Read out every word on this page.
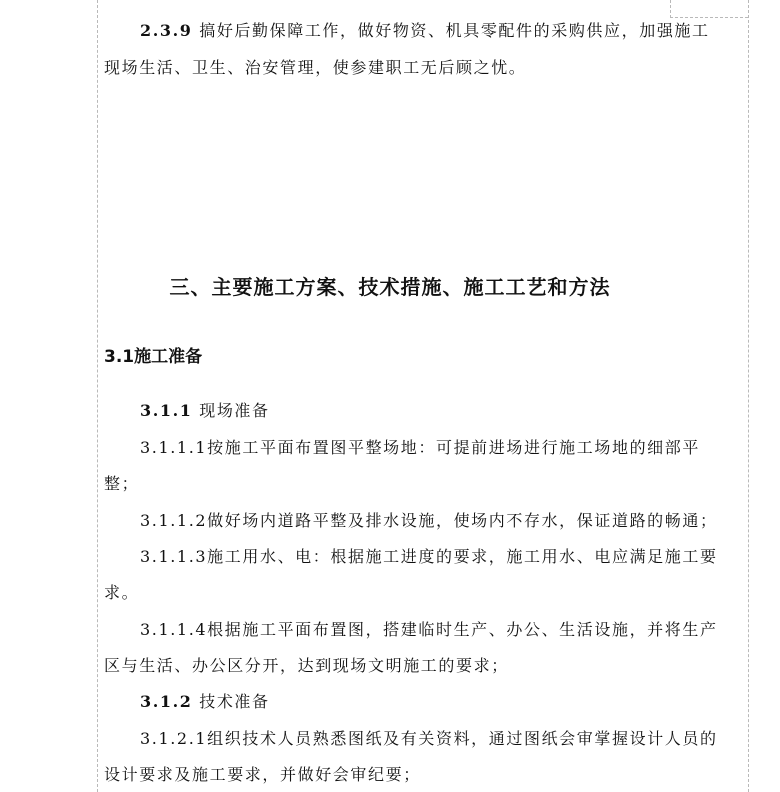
2.3.9 搞好后勤保障工作，做好物资、机具零配件的采购供应，加强施工
现场生活、卫生、治安管理，使参建职工无后顾之忧。
三、主要施工方案、技术措施、施工工艺和方法
3.1施工准备
3.1.1 现场准备
3.1.1.1按施工平面布置图平整场地：可提前进场进行施工场地的细部平
整；
3.1.1.2做好场内道路平整及排水设施，使场内不存水，保证道路的畅通；
3.1.1.3施工用水、电：根据施工进度的要求，施工用水、电应满足施工要
求。
3.1.1.4根据施工平面布置图，搭建临时生产、办公、生活设施，并将生产
区与生活、办公区分开，达到现场文明施工的要求；
3.1.2 技术准备
3.1.2.1组织技术人员熟悉图纸及有关资料，通过图纸会审掌握设计人员的
设计要求及施工要求，并做好会审纪要；
